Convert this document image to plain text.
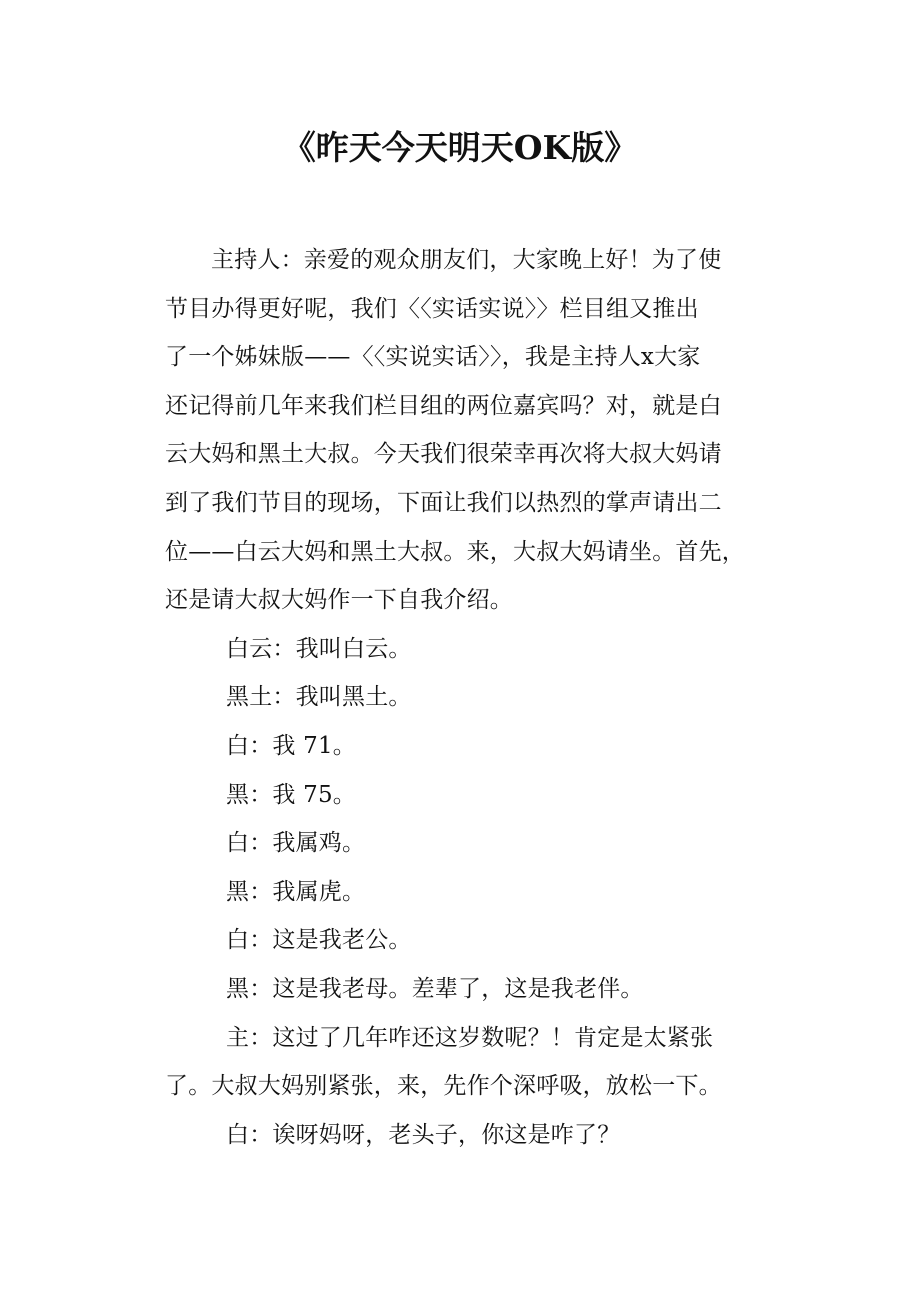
《昨天今天明天OK版》
主持人：亲爱的观众朋友们，大家晚上好！为了使
节目办得更好呢，我们〈〈实话实说〉〉栏目组又推出
了一个姊妹版——〈〈实说实话〉〉，我是主持人x大家
还记得前几年来我们栏目组的两位嘉宾吗？对，就是白
云大妈和黑土大叔。今天我们很荣幸再次将大叔大妈请
到了我们节目的现场，下面让我们以热烈的掌声请出二
位——白云大妈和黑土大叔。来，大叔大妈请坐。首先，
还是请大叔大妈作一下自我介绍。
白云：我叫白云。
黑土：我叫黑土。
白：我 71。
黑：我 75。
白：我属鸡。
黑：我属虎。
白：这是我老公。
黑：这是我老母。差辈了，这是我老伴。
主：这过了几年咋还这岁数呢？！肯定是太紧张
了。大叔大妈别紧张，来，先作个深呼吸，放松一下。
白：诶呀妈呀，老头子，你这是咋了？
